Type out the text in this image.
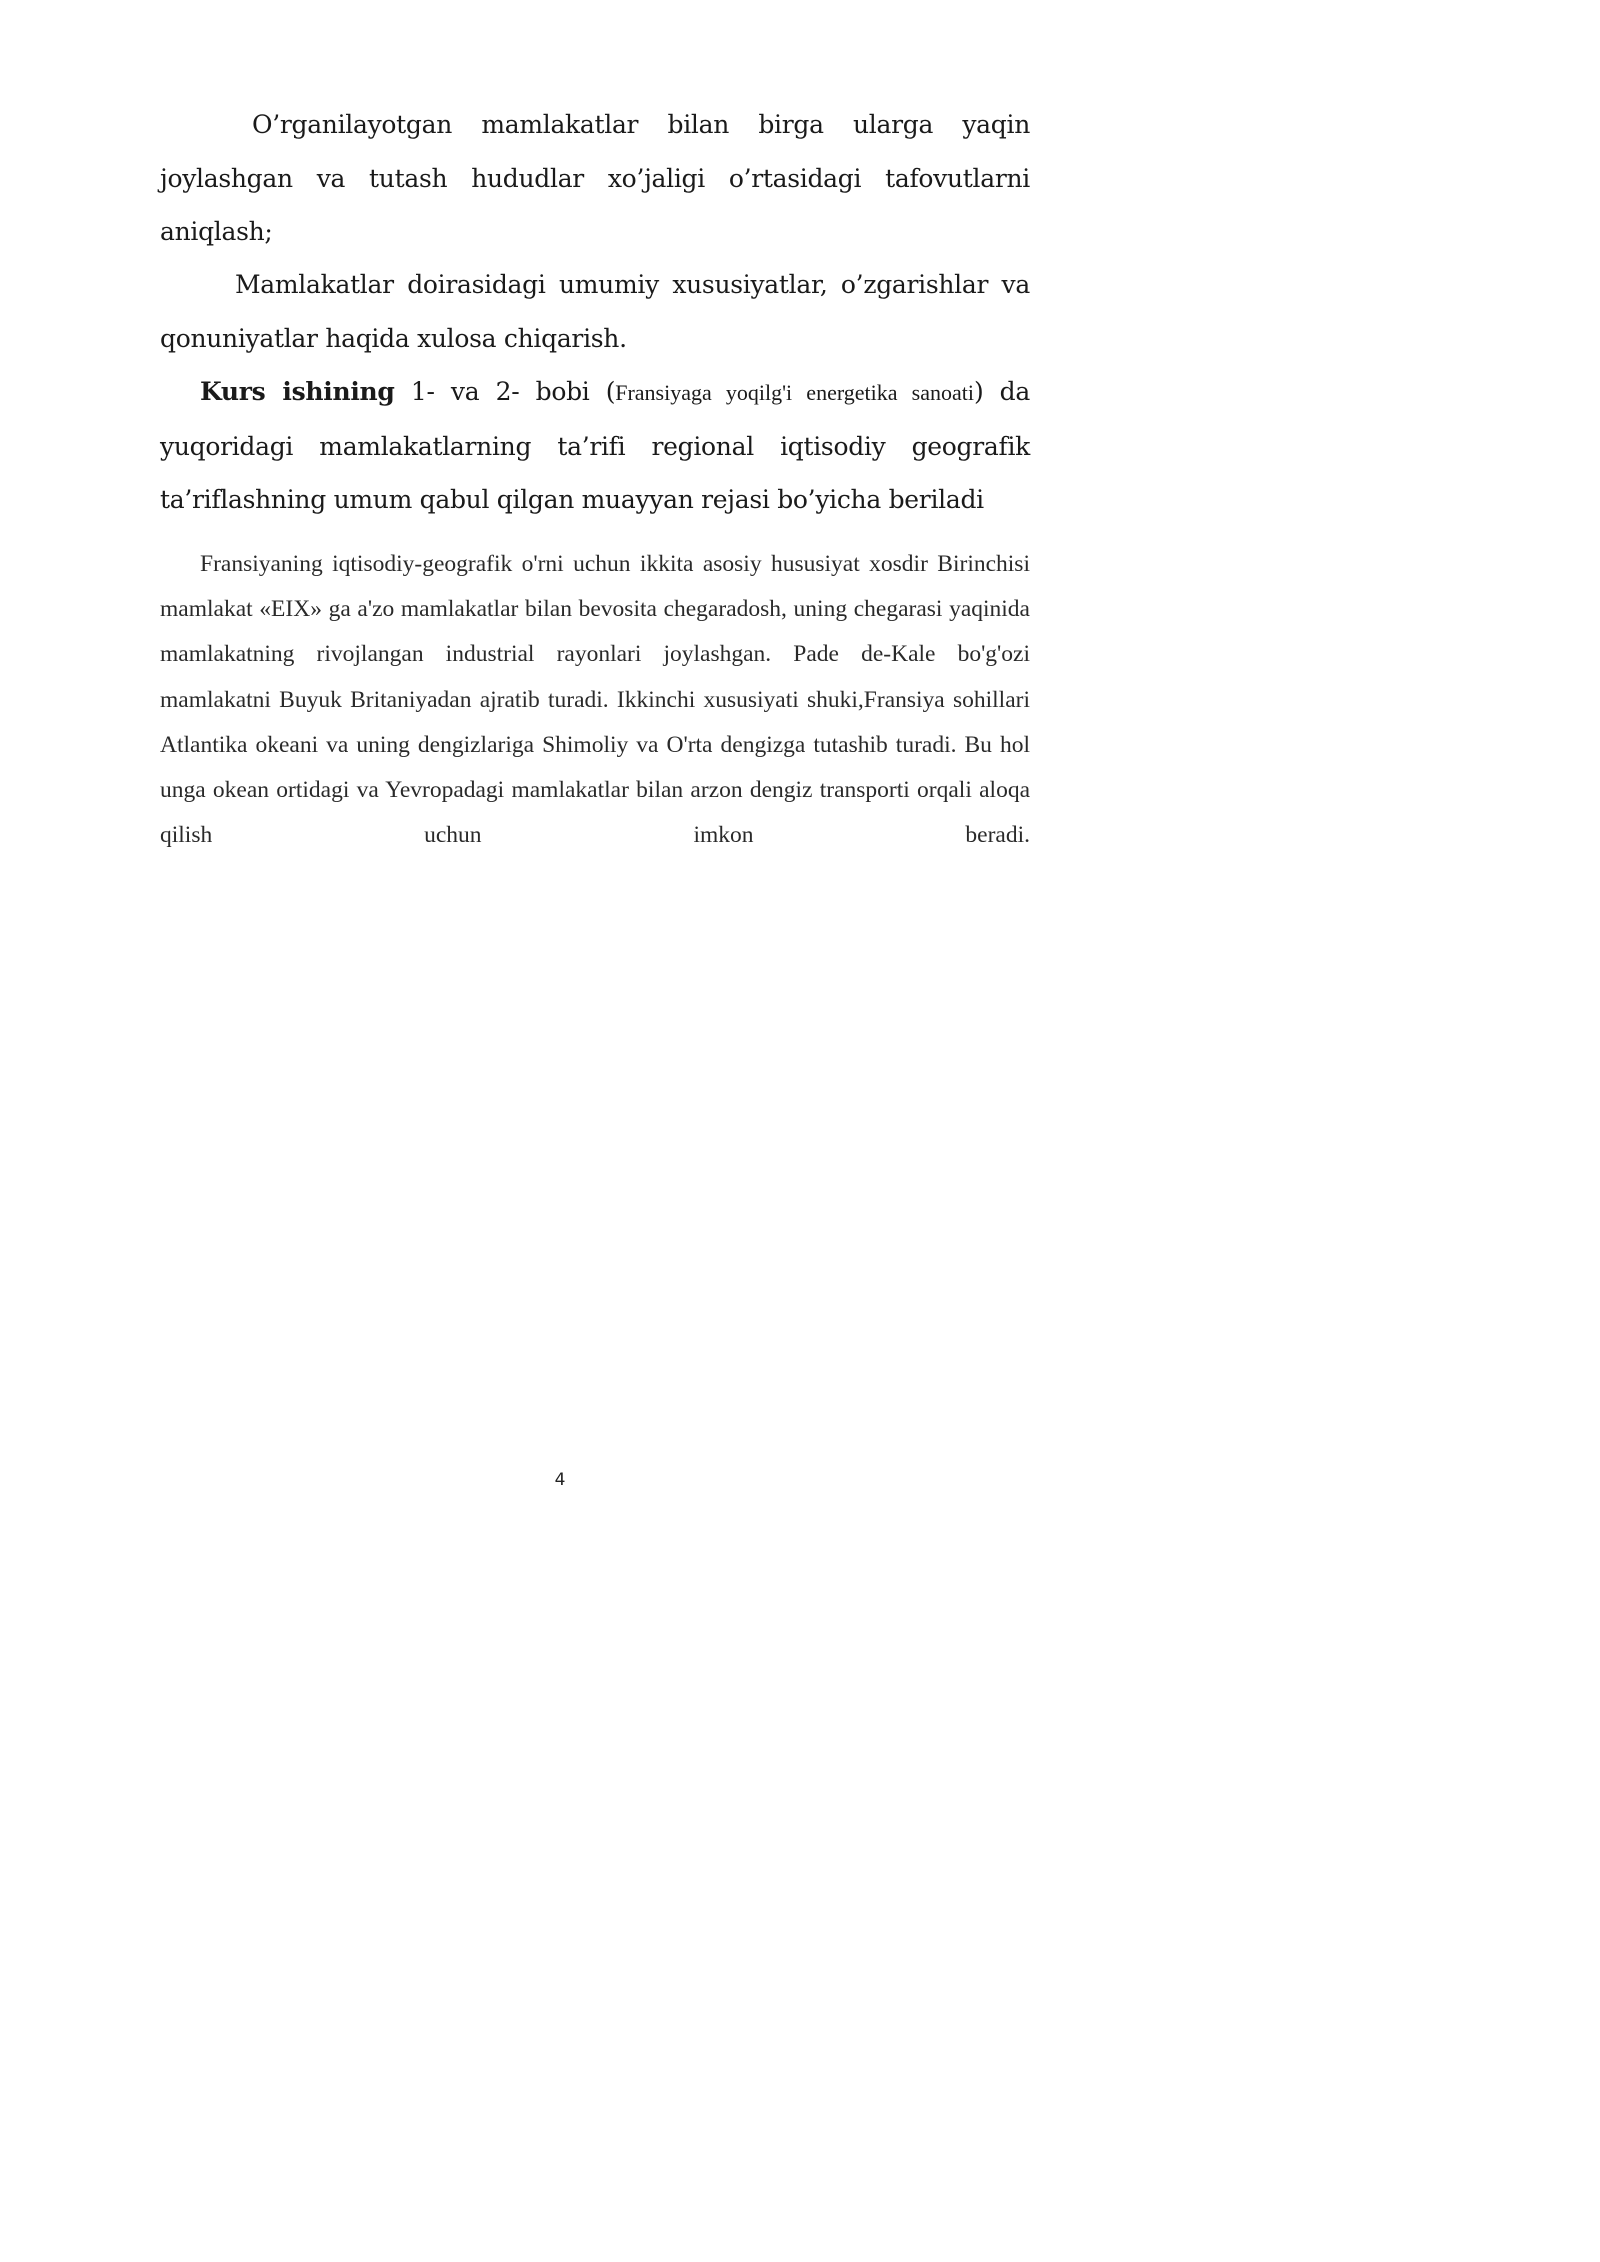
O’rganilayotgan mamlakatlar bilan birga ularga yaqin joylashgan va tutash hududlar xo’jaligi o’rtasidagi tafovutlarni aniqlash;

Mamlakatlar doirasidagi umumiy xususiyatlar, o’zgarishlar va qonuniyatlar haqida xulosa chiqarish.

Kurs ishining 1- va 2- bobi (Fransiyaga yoqilg'i energetika sanoati) da yuqoridagi mamlakatlarning ta’rifi regional iqtisodiy geografik ta’riflashning umum qabul qilgan muayyan rejasi bo’yicha beriladi

Fransiyaning iqtisodiy-geografik o'rni uchun ikkita asosiy hususiyat xosdir Birinchisi mamlakat «EIX» ga a'zo mamlakatlar bilan bevosita chegaradosh, uning chegarasi yaqinida mamlakatning rivojlangan industrial rayonlari joylashgan. Pade de-Kale bo'g'ozi mamlakatni Buyuk Britaniyadan ajratib turadi. Ikkinchi xususiyati shuki,Fransiya sohillari Atlantika okeani va uning dengizlariga Shimoliy va O'rta dengizga tutashib turadi. Bu hol unga okean ortidagi va Yevropadagi mamlakatlar bilan arzon dengiz transporti orqali aloqa qilish uchun imkon beradi.

4
